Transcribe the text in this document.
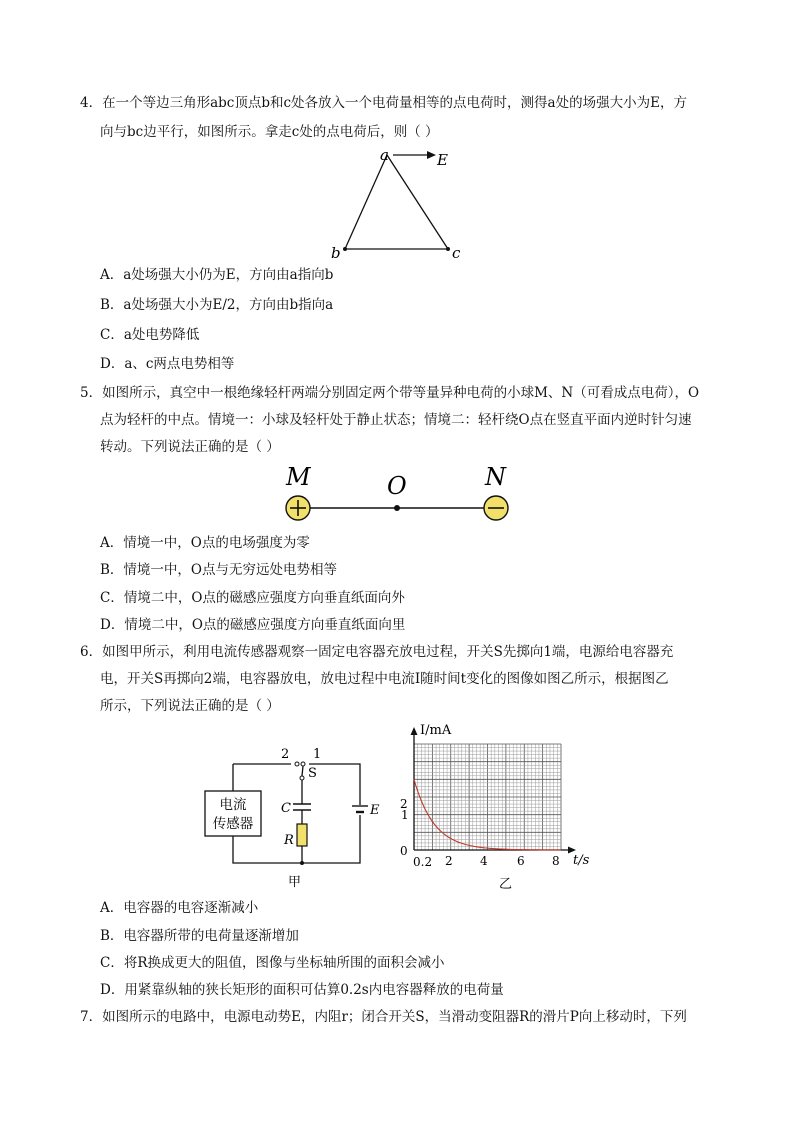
4．在一个等边三角形abc顶点b和c处各放入一个电荷量相等的点电荷时，测得a处的场强大小为E，方
向与bc边平行，如图所示。拿走c处的点电荷后，则（ ）
a	E
b	c
A．a处场强大小仍为E，方向由a指向b
B．a处场强大小为E/2，方向由b指向a
C．a处电势降低
D．a、c两点电势相等
5．如图所示，真空中一根绝缘轻杆两端分别固定两个带等量异种电荷的小球M、N（可看成点电荷），O
点为轻杆的中点。情境一：小球及轻杆处于静止状态；情境二：轻杆绕O点在竖直平面内逆时针匀速
转动。下列说法正确的是（ ）
M	O	N
A．情境一中，O点的电场强度为零
B．情境一中，O点与无穷远处电势相等
C．情境二中，O点的磁感应强度方向垂直纸面向外
D．情境二中，O点的磁感应强度方向垂直纸面向里
6．如图甲所示，利用电流传感器观察一固定电容器充放电过程，开关S先掷向1端，电源给电容器充
电，开关S再掷向2端，电容器放电，放电过程中电流I随时间t变化的图像如图乙所示，根据图乙
所示，下列说法正确的是（ ）
电流
传感器
2 1
S
C
R
E
甲
I/mA
t/s
2
1
0
0.2 2 4 6 8
乙
A．电容器的电容逐渐减小
B．电容器所带的电荷量逐渐增加
C．将R换成更大的阻值，图像与坐标轴所围的面积会减小
D．用紧靠纵轴的狭长矩形的面积可估算0.2s内电容器释放的电荷量
7．如图所示的电路中，电源电动势E，内阻r；闭合开关S，当滑动变阻器R的滑片P向上移动时，下列
